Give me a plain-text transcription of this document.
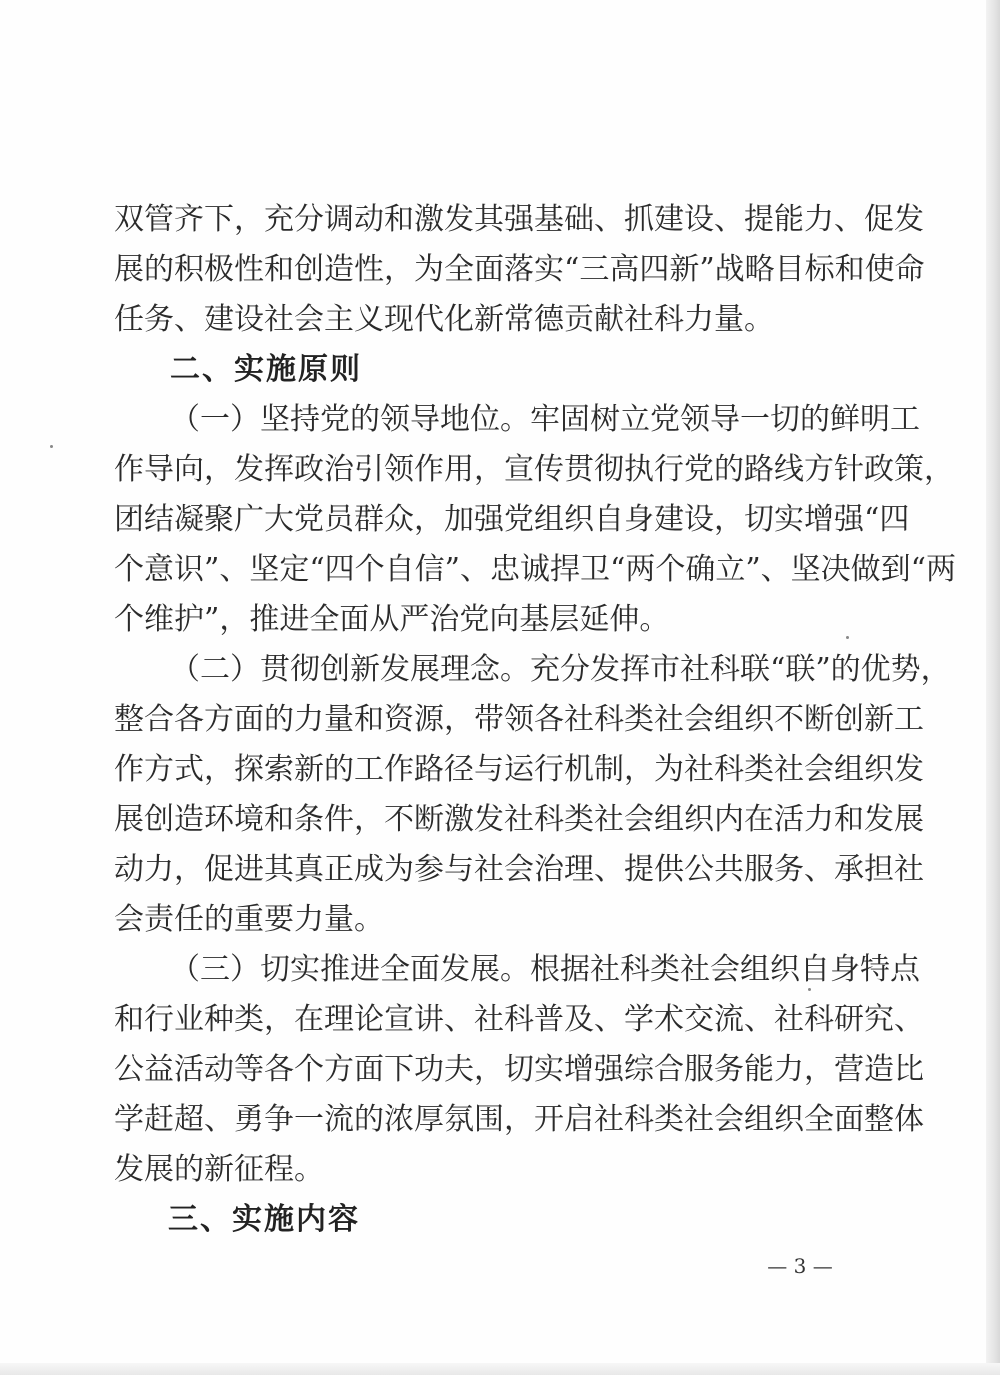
双管齐下，充分调动和激发其强基础、抓建设、提能力、促发
展的积极性和创造性，为全面落实“三高四新”战略目标和使命
任务、建设社会主义现代化新常德贡献社科力量。
二、实施原则
（一）坚持党的领导地位。牢固树立党领导一切的鲜明工
作导向，发挥政治引领作用，宣传贯彻执行党的路线方针政策，
团结凝聚广大党员群众，加强党组织自身建设，切实增强“四
个意识”、坚定“四个自信”、忠诚捍卫“两个确立”、坚决做到“两
个维护”，推进全面从严治党向基层延伸。
（二）贯彻创新发展理念。充分发挥市社科联“联”的优势，
整合各方面的力量和资源，带领各社科类社会组织不断创新工
作方式，探索新的工作路径与运行机制，为社科类社会组织发
展创造环境和条件，不断激发社科类社会组织内在活力和发展
动力，促进其真正成为参与社会治理、提供公共服务、承担社
会责任的重要力量。
（三）切实推进全面发展。根据社科类社会组织自身特点
和行业种类，在理论宣讲、社科普及、学术交流、社科研究、
公益活动等各个方面下功夫，切实增强综合服务能力，营造比
学赶超、勇争一流的浓厚氛围，开启社科类社会组织全面整体
发展的新征程。
三、实施内容
— 3 —
